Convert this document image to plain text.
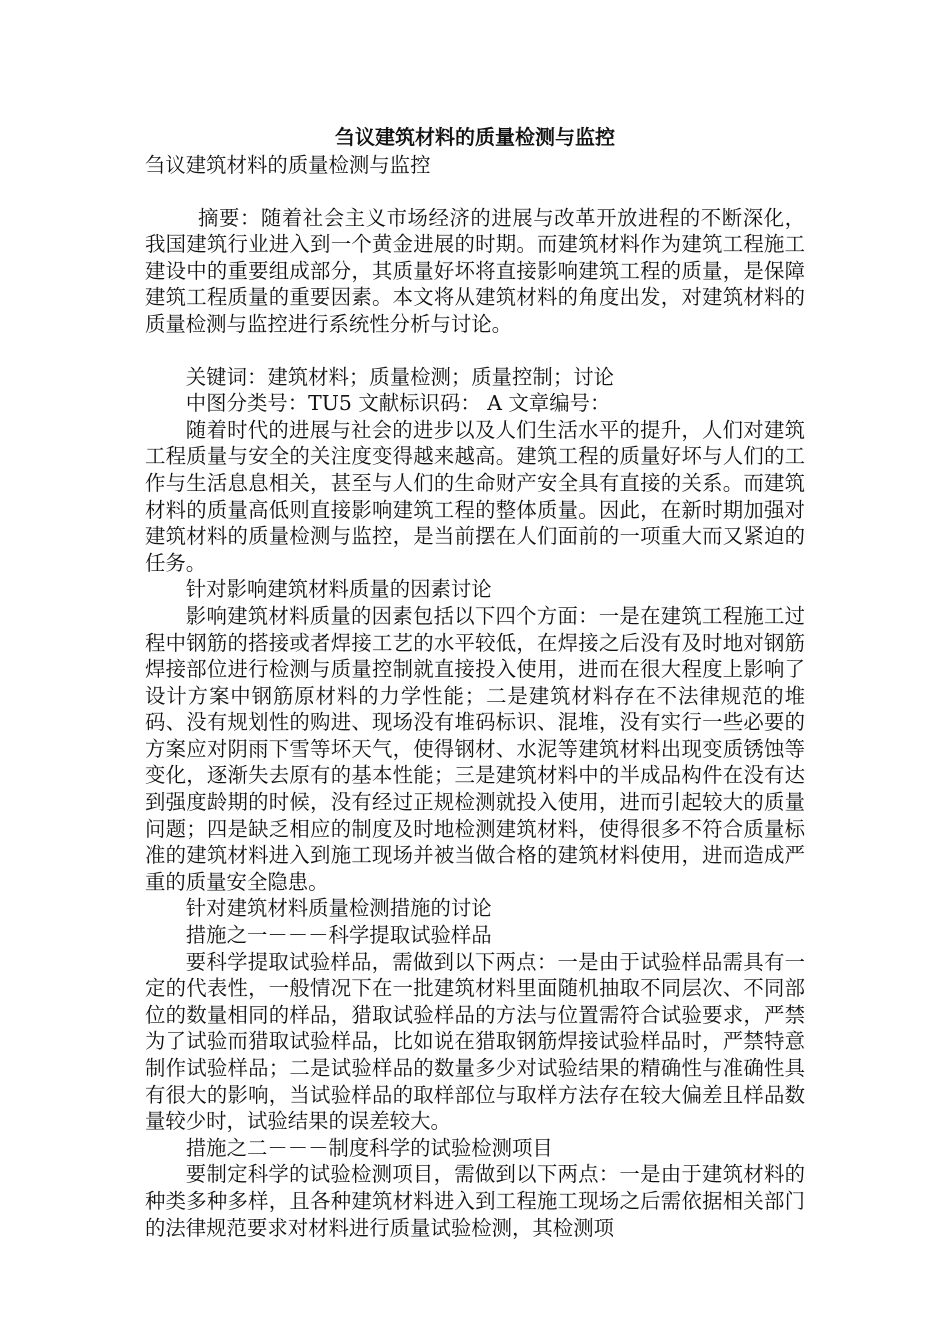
刍议建筑材料的质量检测与监控

刍议建筑材料的质量检测与监控

摘要：随着社会主义市场经济的进展与改革开放进程的不断深化，我国建筑行业进入到一个黄金进展的时期。而建筑材料作为建筑工程施工建设中的重要组成部分，其质量好坏将直接影响建筑工程的质量，是保障建筑工程质量的重要因素。本文将从建筑材料的角度出发，对建筑材料的质量检测与监控进行系统性分析与讨论。

关键词：建筑材料；质量检测；质量控制；讨论

中图分类号：TU5 文献标识码： A 文章编号：

随着时代的进展与社会的进步以及人们生活水平的提升，人们对建筑工程质量与安全的关注度变得越来越高。建筑工程的质量好坏与人们的工作与生活息息相关，甚至与人们的生命财产安全具有直接的关系。而建筑材料的质量高低则直接影响建筑工程的整体质量。因此，在新时期加强对建筑材料的质量检测与监控，是当前摆在人们面前的一项重大而又紧迫的任务。

针对影响建筑材料质量的因素讨论

影响建筑材料质量的因素包括以下四个方面：一是在建筑工程施工过程中钢筋的搭接或者焊接工艺的水平较低，在焊接之后没有及时地对钢筋焊接部位进行检测与质量控制就直接投入使用，进而在很大程度上影响了设计方案中钢筋原材料的力学性能；二是建筑材料存在不法律规范的堆码、没有规划性的购进、现场没有堆码标识、混堆，没有实行一些必要的方案应对阴雨下雪等坏天气，使得钢材、水泥等建筑材料出现变质锈蚀等变化，逐渐失去原有的基本性能；三是建筑材料中的半成品构件在没有达到强度龄期的时候，没有经过正规检测就投入使用，进而引起较大的质量问题；四是缺乏相应的制度及时地检测建筑材料，使得很多不符合质量标准的建筑材料进入到施工现场并被当做合格的建筑材料使用，进而造成严重的质量安全隐患。

针对建筑材料质量检测措施的讨论

措施之一－－－科学提取试验样品

要科学提取试验样品，需做到以下两点：一是由于试验样品需具有一定的代表性，一般情况下在一批建筑材料里面随机抽取不同层次、不同部位的数量相同的样品，猎取试验样品的方法与位置需符合试验要求，严禁为了试验而猎取试验样品，比如说在猎取钢筋焊接试验样品时，严禁特意制作试验样品；二是试验样品的数量多少对试验结果的精确性与准确性具有很大的影响，当试验样品的取样部位与取样方法存在较大偏差且样品数量较少时，试验结果的误差较大。

措施之二－－－制度科学的试验检测项目

要制定科学的试验检测项目，需做到以下两点：一是由于建筑材料的种类多种多样，且各种建筑材料进入到工程施工现场之后需依据相关部门的法律规范要求对材料进行质量试验检测，其检测项
